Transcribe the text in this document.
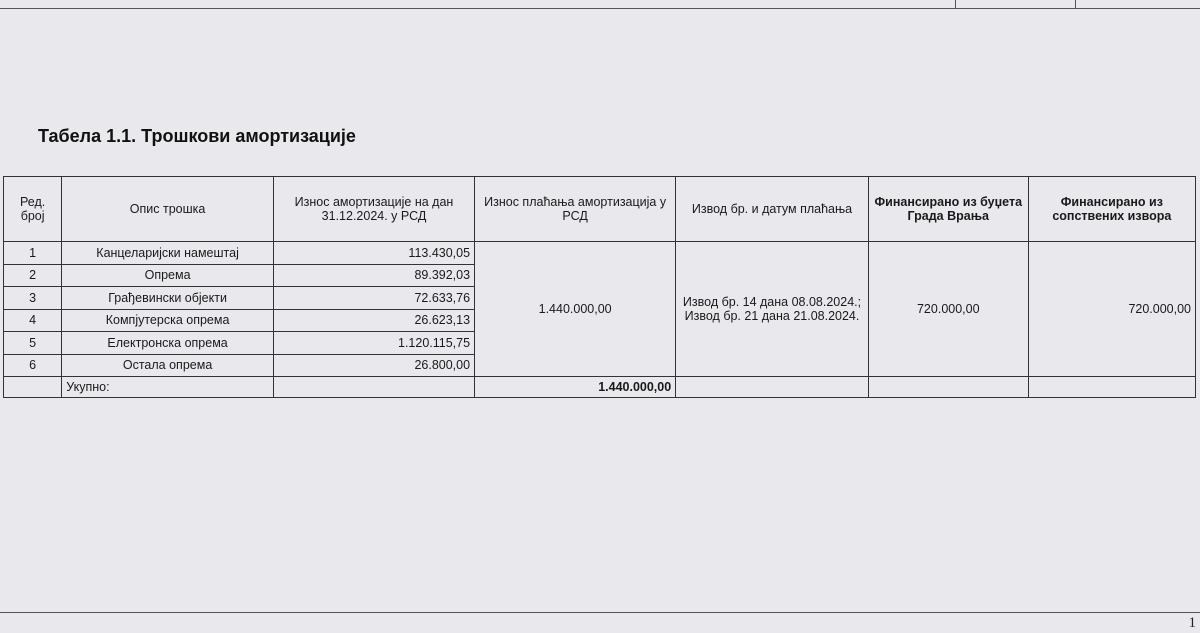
Табела 1.1. Трошкови амортизације
Ред. број	Опис трошка	Износ амортизације на дан 31.12.2024. у РСД	Износ плаћања амортизација у РСД	Извод бр. и датум плаћања	Финансирано из буџета Града Врања	Финансирано из сопствених извора
1	Канцеларијски намештај	113.430,05	1.440.000,00	Извод бр. 14 дана 08.08.2024.; Извод бр. 21 дана 21.08.2024.	720.000,00	720.000,00
2	Опрема	89.392,03				
3	Грађевински објекти	72.633,76				
4	Компјутерска опрема	26.623,13				
5	Електронска опрема	1.120.115,75				
6	Остала опрема	26.800,00				
	Укупно:		1.440.000,00			
1
